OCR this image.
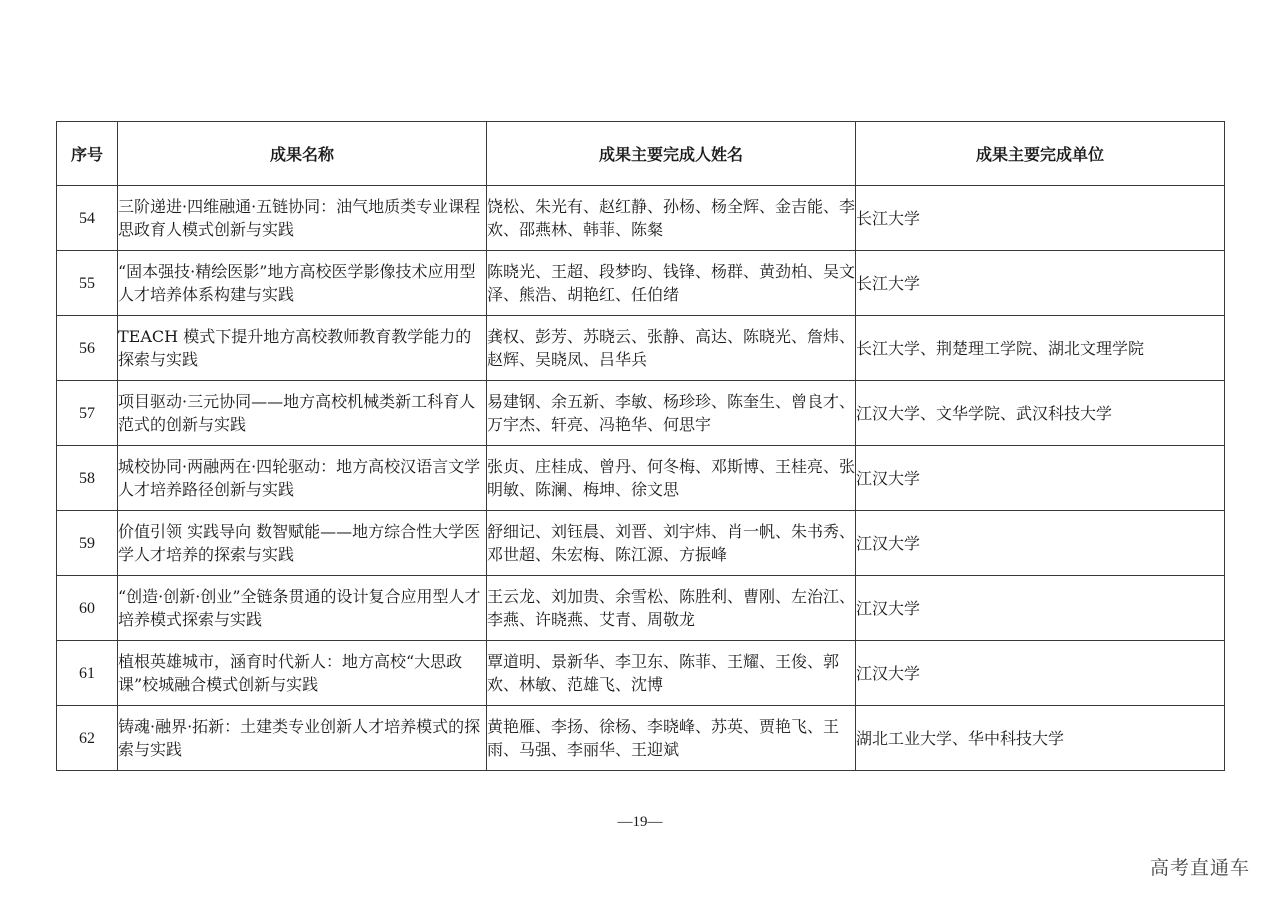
序号	成果名称	成果主要完成人姓名	成果主要完成单位
54	三阶递进·四维融通·五链协同：油气地质类专业课程思政育人模式创新与实践	饶松、朱光有、赵红静、孙杨、杨全辉、金吉能、李欢、邵燕林、韩菲、陈粲	长江大学
55	“固本强技·精绘医影”地方高校医学影像技术应用型人才培养体系构建与实践	陈晓光、王超、段梦昀、钱锋、杨群、黄劲柏、吴文泽、熊浩、胡艳红、任伯绪	长江大学
56	TEACH 模式下提升地方高校教师教育教学能力的探索与实践	龚权、彭芳、苏晓云、张静、高达、陈晓光、詹炜、赵辉、吴晓凤、吕华兵	长江大学、荆楚理工学院、湖北文理学院
57	项目驱动·三元协同——地方高校机械类新工科育人范式的创新与实践	易建钢、余五新、李敏、杨珍珍、陈奎生、曾良才、万宇杰、轩亮、冯艳华、何思宇	江汉大学、文华学院、武汉科技大学
58	城校协同·两融两在·四轮驱动：地方高校汉语言文学人才培养路径创新与实践	张贞、庄桂成、曾丹、何冬梅、邓斯博、王桂亮、张明敏、陈澜、梅坤、徐文思	江汉大学
59	价值引领 实践导向 数智赋能——地方综合性大学医学人才培养的探索与实践	舒细记、刘钰晨、刘晋、刘宇炜、肖一帆、朱书秀、邓世超、朱宏梅、陈江源、方振峰	江汉大学
60	“创造·创新·创业”全链条贯通的设计复合应用型人才培养模式探索与实践	王云龙、刘加贵、余雪松、陈胜利、曹刚、左治江、李燕、许晓燕、艾青、周敬龙	江汉大学
61	植根英雄城市，涵育时代新人：地方高校“大思政课”校城融合模式创新与实践	覃道明、景新华、李卫东、陈菲、王耀、王俊、郭欢、林敏、范雄飞、沈博	江汉大学
62	铸魂·融界·拓新：土建类专业创新人才培养模式的探索与实践	黄艳雁、李扬、徐杨、李晓峰、苏英、贾艳飞、王雨、马强、李丽华、王迎斌	湖北工业大学、华中科技大学
—19—
高考直通车
